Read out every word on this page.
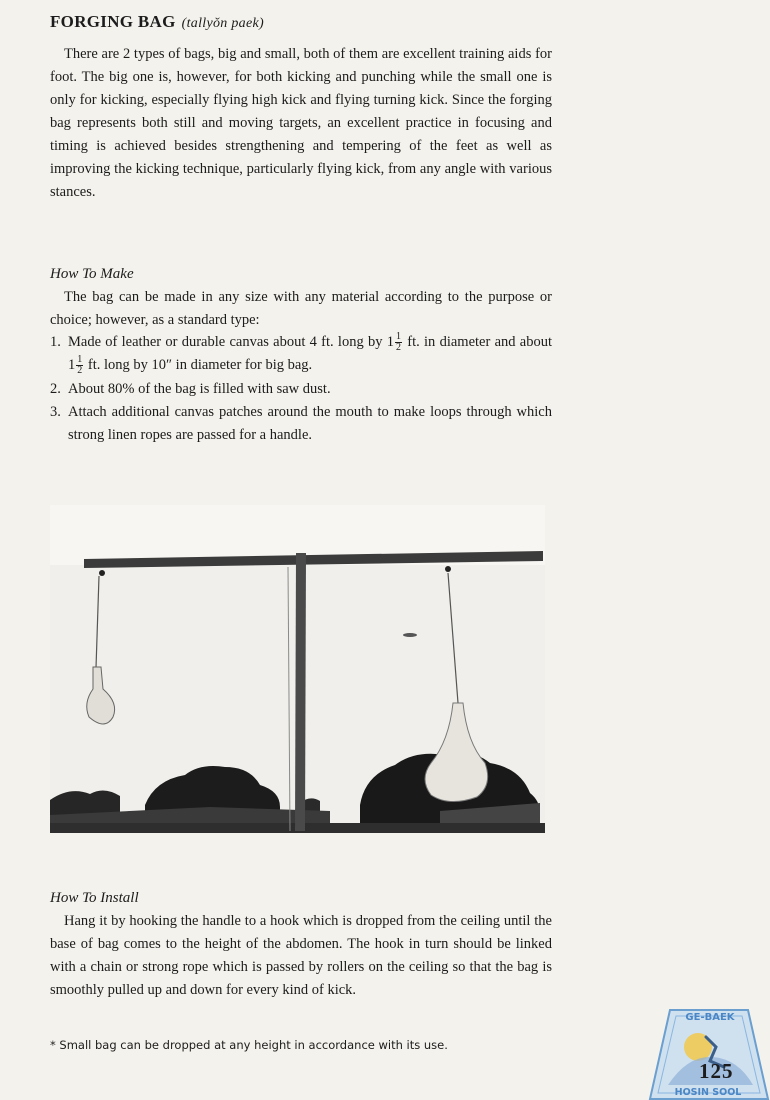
FORGING BAG (tallyŏn paek)

There are 2 types of bags, big and small, both of them are excellent training aids for foot. The big one is, however, for both kicking and punching while the small one is only for kicking, especially flying high kick and flying turning kick. Since the forging bag represents both still and moving targets, an excellent practice in focusing and timing is achieved besides strengthening and tempering of the feet as well as improving the kicking technique, particularly flying kick, from any angle with various stances.

How To Make

The bag can be made in any size with any material according to the purpose or choice; however, as a standard type:

1. Made of leather or durable canvas about 4 ft. long by $1 \frac{1}{2}$ ft. in diameter and about $1 \frac{1}{2}$ ft. long by 10″ in diameter for big bag.
2. About 80% of the bag is filled with saw dust.
3. Attach additional canvas patches around the mouth to make loops through which strong linen ropes are passed for a handle.
How To Install

Hang it by hooking the handle to a hook which is dropped from the ceiling until the base of bag comes to the height of the abdomen. The hook in turn should be linked with a chain or strong rope which is passed by rollers on the ceiling so that the bag is smoothly pulled up and down for every kind of kick.

* Small bag can be dropped at any height in accordance with its use.
GE-BAEK
HOSIN SOOL
125
